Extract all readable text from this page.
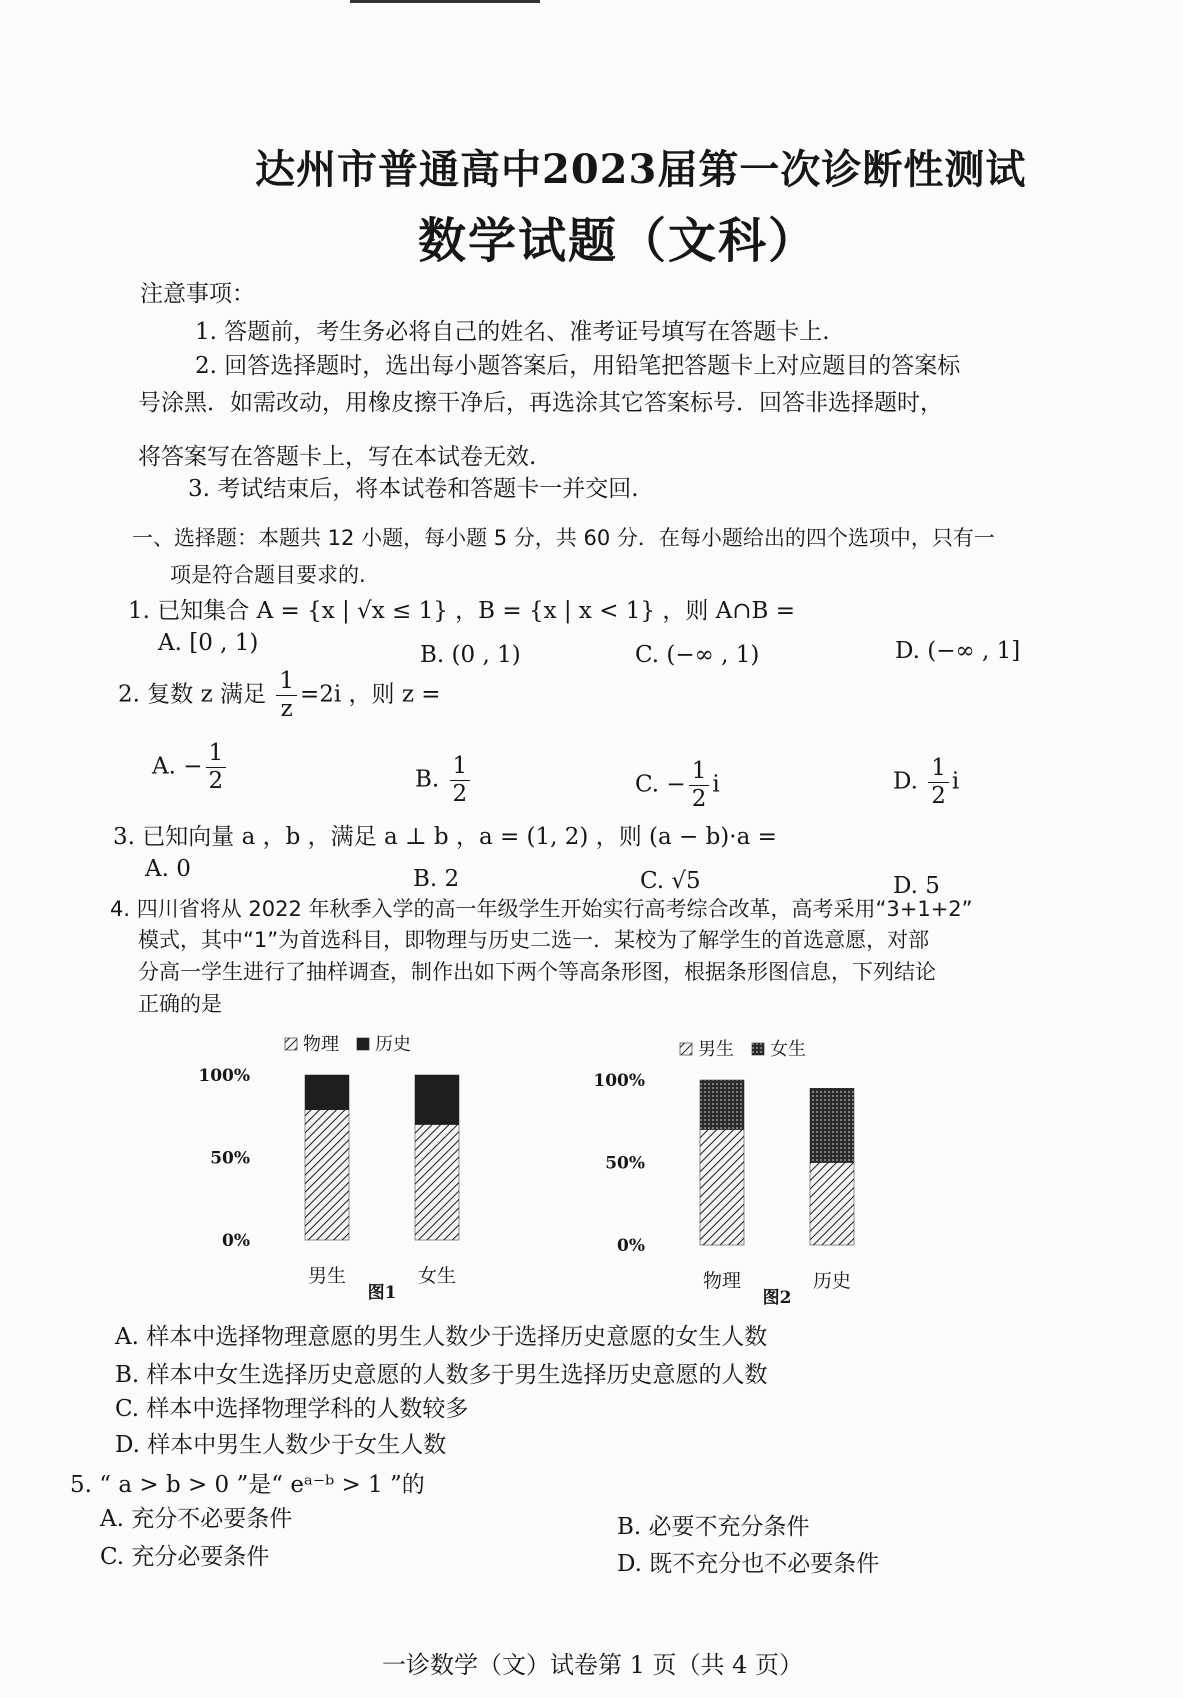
达州市普通高中2023届第一次诊断性测试
数学试题（文科）
注意事项：
1. 答题前，考生务必将自己的姓名、准考证号填写在答题卡上.
2. 回答选择题时，选出每小题答案后，用铅笔把答题卡上对应题目的答案标
号涂黑．如需改动，用橡皮擦干净后，再选涂其它答案标号．回答非选择题时，
将答案写在答题卡上，写在本试卷无效.
3. 考试结束后，将本试卷和答题卡一并交回.
一、选择题：本题共 12 小题，每小题 5 分，共 60 分．在每小题给出的四个选项中，只有一
项是符合题目要求的.
1. 已知集合 A = {x | √x ≤ 1} ，B = {x | x < 1} ，则 A∩B =
A. [0 , 1)	B. (0 , 1)	C. (−∞ , 1)	D. (−∞ , 1]
2. 复数 z 满足 $\frac{1}{z} =2i$ ，则 z =
A. − $\frac{1}{2}$	B. $\frac{1}{2}$	C. − $\frac{1}{2}$ i	D. $\frac{1}{2}$ i
3. 已知向量 a ，b ，满足 a ⊥ b ，a = (1, 2) ，则 (a − b)·a =
A. 0	B. 2	C. √5	D. 5
4. 四川省将从 2022 年秋季入学的高一年级学生开始实行高考综合改革，高考采用“3+1+2”
模式，其中“1”为首选科目，即物理与历史二选一．某校为了解学生的首选意愿，对部
分高一学生进行了抽样调查，制作出如下两个等高条形图，根据条形图信息，下列结论
正确的是
物理 历史
0%
50%
100%
男生	女生
图1
男生 女生
0%
50%
100%
物理	历史
图2
A. 样本中选择物理意愿的男生人数少于选择历史意愿的女生人数
B. 样本中女生选择历史意愿的人数多于男生选择历史意愿的人数
C. 样本中选择物理学科的人数较多
D. 样本中男生人数少于女生人数
5. “ a > b > 0 ”是“ eᵃ⁻ᵇ > 1 ”的
A. 充分不必要条件	B. 必要不充分条件
C. 充分必要条件	D. 既不充分也不必要条件
一诊数学（文）试卷第 1 页（共 4 页）
